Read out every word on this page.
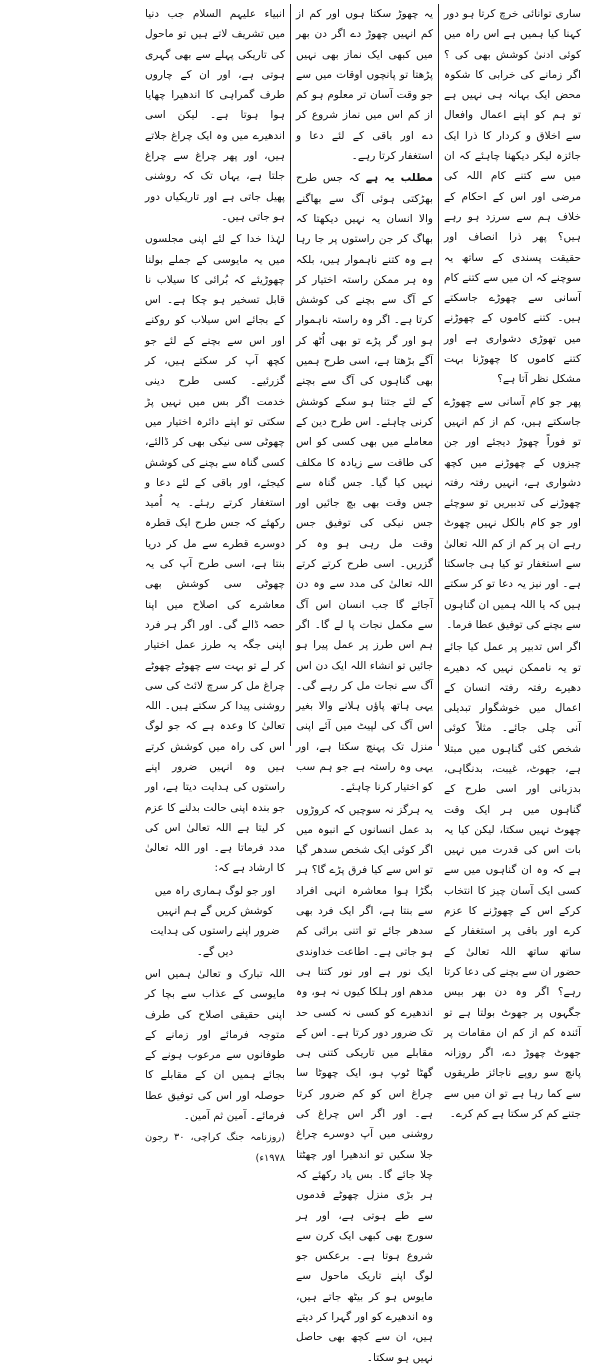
ساری توانائی خرچ کرتا ہو دور کہنا کیا ہمیں ہے اس راہ میں کوئی ادنیٰ کوشش بھی کی ؟ اگر زمانے کی خرابی کا شکوہ محض ایک بہانہ ہی نہیں ہے تو ہم کو اپنے اعمال وافعال سے اخلاق و کردار کا ذرا ایک جائزہ لیکر دیکھنا چاہئے کہ ان میں سے کتنے کام اللہ کی مرضی اور اس کے احکام کے خلاف ہم سے سرزد ہو رہے ہیں؟ پھر ذرا انصاف اور حقیقت پسندی کے ساتھ یہ سوچنے کہ ان میں سے کتنے کام آسانی سے چھوڑے جاسکتے ہیں۔ کتنے کاموں کے چھوڑنے میں تھوڑی دشواری ہے اور کتنے کاموں کا چھوڑنا بہت مشکل نظر آتا ہے؟

پھر جو کام آسانی سے چھوڑے جاسکتے ہیں، کم از کم انہیں تو فوراً چھوڑ دیجئے اور جن چیزوں کے چھوڑنے میں کچھ دشواری ہے، انہیں رفتہ رفتہ چھوڑنے کی تدبیریں تو سوچئے اور جو کام بالکل نہیں چھوٹ رہے ان پر کم از کم اللہ تعالیٰ سے استغفار تو کیا ہی جاسکتا ہے۔ اور نیز یہ دعا تو کر سکتے ہیں کہ یا اللہ ہمیں ان گناہوں سے بچنے کی توفیق عطا فرما۔

اگر اس تدبیر پر عمل کیا جائے تو یہ ناممکن نہیں کہ دھیرے دھیرے رفتہ رفتہ انسان کے اعمال میں خوشگوار تبدیلی آنی چلی جائے۔ مثلاً کوئی شخص کئی گناہوں میں مبتلا ہے، جھوٹ، غیبت، بدنگاہی، بدزبانی اور اسی طرح کے گناہوں میں ہر ایک وقت چھوٹ نہیں سکتا، لیکن کیا یہ بات اس کی قدرت میں نہیں ہے کہ وہ ان گناہوں میں سے کسی ایک آسان چیز کا انتخاب کرکے اس کے چھوڑنے کا عزم کرے اور باقی پر استغفار کے ساتھ ساتھ اللہ تعالیٰ کے حضور ان سے بچنے کی دعا کرتا رہے؟ اگر وہ دن بھر بیس جگہوں پر جھوٹ بولتا ہے تو آئندہ کم از کم ان مقامات پر جھوٹ چھوڑ دے، اگر روزانہ پانچ سو روپے ناجائز طریقوں سے کما رہا ہے تو ان میں سے جتنے کم کر سکتا ہے کم کرے۔

یہ چھوڑ سکتا ہوں اور کم از کم انہیں چھوڑ دے اگر دن بھر میں کبھی ایک نماز بھی نہیں پڑھتا تو پانچوں اوقات میں سے جو وقت آسان تر معلوم ہو کم از کم اس میں نماز شروع کر دے اور باقی کے لئے دعا و استغفار کرتا رہے۔

مطلب یہ ہے کہ جس طرح بھڑکتی ہوئی آگ سے بھاگنے والا انسان یہ نہیں دیکھتا کہ بھاگ کر جن راستوں پر جا رہا ہے وہ کتنے ناہموار ہیں، بلکہ وہ ہر ممکن راستہ اختیار کر کے آگ سے بچنے کی کوشش کرتا ہے۔ اگر وہ راستہ ناہموار ہو اور گر پڑے تو بھی اُٹھ کر آگے بڑھتا ہے، اسی طرح ہمیں بھی گناہوں کی آگ سے بچنے کے لئے جتنا ہو سکے کوشش کرنی چاہئے۔ اس طرح دین کے معاملے میں بھی کسی کو اس کی طاقت سے زیادہ کا مکلف نہیں کیا گیا۔ جس گناہ سے جس وقت بھی بچ جائیں اور جس نیکی کی توفیق جس وقت مل رہی ہو وہ کر گزریں۔ اسی طرح کرتے کرتے اللہ تعالیٰ کی مدد سے وہ دن آجائے گا جب انسان اس آگ سے مکمل نجات پا لے گا۔ اگر ہم اس طرز پر عمل پیرا ہو جائیں تو انشاء اللہ ایک دن اس آگ سے نجات مل کر رہے گی۔ یہی ہاتھ پاؤں ہلانے والا بغیر اس آگ کی لپیٹ میں آئے اپنی منزل تک پہنچ سکتا ہے، اور یہی وہ راستہ ہے جو ہم سب کو اختیار کرنا چاہئے۔

یہ ہرگز نہ سوچیں کہ کروڑوں بد عمل انسانوں کے انبوہ میں اگر کوئی ایک شخص سدھر گیا تو اس سے کیا فرق پڑے گا؟ ہر بگڑا ہوا معاشرہ انہی افراد سے بنتا ہے، اگر ایک فرد بھی سدھر جائے تو اتنی برائی کم ہو جاتی ہے۔ اطاعت خداوندی ایک نور ہے اور نور کتنا ہی مدھم اور ہلکا کیوں نہ ہو، وہ اندھیرے کو کسی نہ کسی حد تک ضرور دور کرتا ہے۔ اس کے مقابلے میں تاریکی کتنی ہی گھٹا ٹوپ ہو، ایک چھوٹا سا چراغ اس کو کم ضرور کرتا ہے۔ اور اگر اس چراغ کی روشنی میں آپ دوسرے چراغ جلا سکیں تو اندھیرا اور چھٹتا چلا جائے گا۔ بس یاد رکھئے کہ ہر بڑی منزل چھوٹے قدموں سے طے ہوتی ہے، اور ہر سورج بھی کبھی ایک کرن سے شروع ہوتا ہے۔ برعکس جو لوگ اپنے تاریک ماحول سے مایوس ہو کر بیٹھ جاتے ہیں، وہ اندھیرے کو اور گہرا کر دیتے ہیں، ان سے کچھ بھی حاصل نہیں ہو سکتا۔

انبیاء علیہم السلام جب دنیا میں تشریف لاتے ہیں تو ماحول کی تاریکی پہلے سے بھی گہری ہوتی ہے، اور ان کے چاروں طرف گمراہی کا اندھیرا چھایا ہوا ہوتا ہے۔ لیکن اسی اندھیرے میں وہ ایک چراغ جلاتے ہیں، اور پھر چراغ سے چراغ جلتا ہے، یہاں تک کہ روشنی پھیل جاتی ہے اور تاریکیاں دور ہو جاتی ہیں۔

لہٰذا خدا کے لئے اپنی مجلسوں میں یہ مایوسی کے جملے بولنا چھوڑیئے کہ بُرائی کا سیلاب نا قابل تسخیر ہو چکا ہے۔ اس کے بجائے اس سیلاب کو روکنے اور اس سے بچنے کے لئے جو کچھ آپ کر سکتے ہیں، کر گزرئیے۔ کسی طرح دینی خدمت اگر بس میں نہیں پڑ سکتی تو اپنے دائرہ اختیار میں چھوٹی سی نیکی بھی کر ڈالئے، کسی گناہ سے بچنے کی کوشش کیجئے، اور باقی کے لئے دعا و استغفار کرتے رہئے۔ یہ اُمید رکھئے کہ جس طرح ایک قطرہ دوسرے قطرے سے مل کر دریا بنتا ہے، اسی طرح آپ کی یہ چھوٹی سی کوشش بھی معاشرے کی اصلاح میں اپنا حصہ ڈالے گی۔ اور اگر ہر فرد اپنی جگہ یہ طرز عمل اختیار کر لے تو بہت سے چھوٹے چھوٹے چراغ مل کر سرچ لائٹ کی سی روشنی پیدا کر سکتے ہیں۔ اللہ تعالیٰ کا وعدہ ہے کہ جو لوگ اس کی راہ میں کوشش کرتے ہیں وہ انہیں ضرور اپنے راستوں کی ہدایت دیتا ہے، اور جو بندہ اپنی حالت بدلنے کا عزم کر لیتا ہے اللہ تعالیٰ اس کی مدد فرماتا ہے۔ اور اللہ تعالیٰ کا ارشاد ہے کہ:

اور جو لوگ ہماری راہ میں کوشش کریں گے ہم انہیں ضرور اپنے راستوں کی ہدایت دیں گے۔

اللہ تبارک و تعالیٰ ہمیں اس مایوسی کے عذاب سے بچا کر اپنی حقیقی اصلاح کی طرف متوجہ فرمائے اور زمانے کے طوفانوں سے مرعوب ہونے کے بجائے ہمیں ان کے مقابلے کا حوصلہ اور اس کی توفیق عطا فرمائے۔ آمین ثم آمین۔

(روزنامہ جنگ کراچی، ۳۰ رجون ۱۹۷۸ء)
